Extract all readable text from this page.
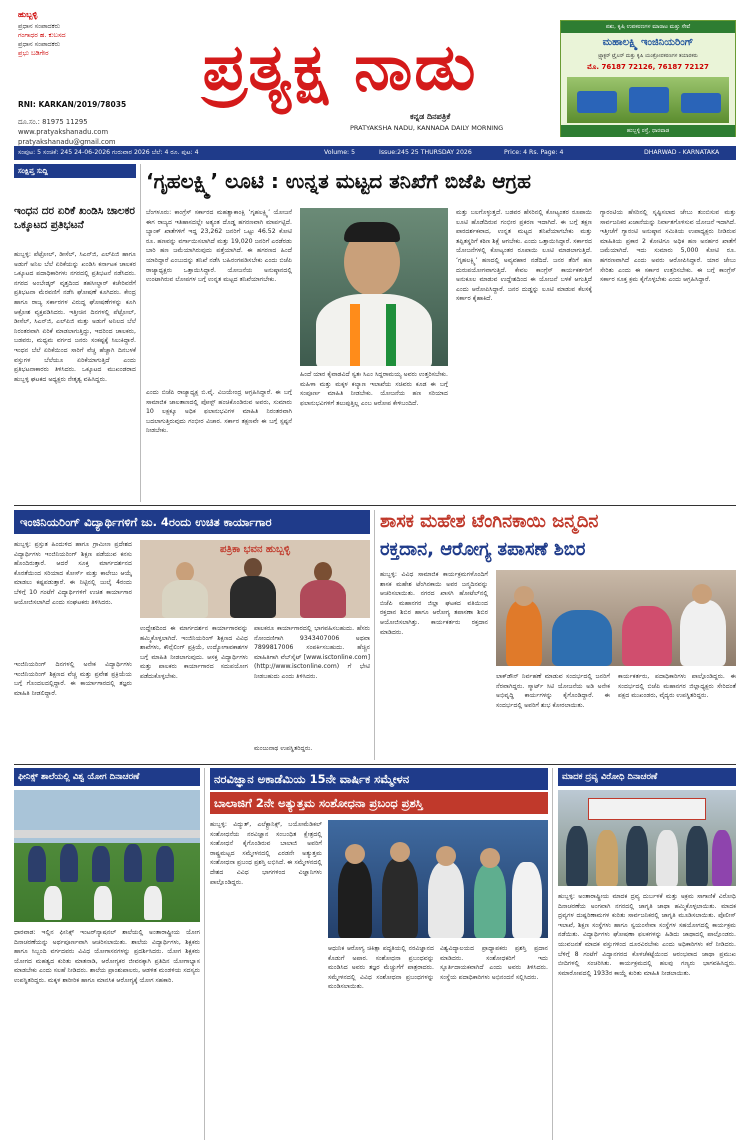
ಹುಬ್ಬಳ್ಳಿ
ಪ್ರಧಾನ ಸಂಪಾದಕರು
ಗಂಗಾಧರ ಹ. ಕುಬಸದ
ಪ್ರಧಾನ ಸಂಪಾದಕರು
ಪ್ರಭು ಬಡಿಗೇರ
RNI: KARKAN/2019/78035
ದೂ.ಸಂ.: 81975 11295
www.pratyakshanadu.com
pratyakshanadu@gmail.com
ಪ್ರತ್ಯಕ್ಷ ನಾಡು
ಕನ್ನಡ ದಿನಪತ್ರಿಕೆ
PRATYAKSHA NADU, KANNADA DAILY MORNING
ಪಶು, ಕೃಷಿ ಉಪಕರಣಗಳ ಮಾರಾಟ ಮತ್ತು ಸೇವೆ
ಮಹಾಲಕ್ಷ್ಮಿ ಇಂಜಿನಿಯರಿಂಗ್
ಟ್ರ್ಯಾಕ್ಟರ್ ಟ್ರೈಲರ್ ಮತ್ತು ಕೃಷಿ ಯಂತ್ರೋಪಕರಣಗಳ ತಯಾರಕರು
ಮೊ. 76187 72126, 76187 72127
ಹುಬ್ಬಳ್ಳಿ ರಸ್ತೆ, ಧಾರವಾಡ
ಸಂಪುಟ: 5 ಸಂಚಿಕೆ: 245 24-06-2026 ಗುರುವಾರ 2026 ಬೆಲೆ: 4 ರೂ. ಪುಟ: 4	Volume: 5	Issue:245 25 THURSDAY 2026	Price: 4 Rs. Page: 4	DHARWAD - KARNATAKA
ಸಂಕ್ಷಿಪ್ತ ಸುದ್ದಿ
ಇಂಧನ ದರ ಏರಿಕೆ ಖಂಡಿಸಿ ಚಾಲಕರ ಒಕ್ಕೂಟದ ಪ್ರತಿಭಟನೆ
ಹುಬ್ಬಳ್ಳಿ: ಪೆಟ್ರೋಲ್, ಡೀಸೆಲ್, ಸಿಎನ್‌ಜಿ, ಎಲ್‌ಪಿಜಿ ಹಾಗೂ ಅಡುಗೆ ಅನಿಲ ಬೆಲೆ ಏರಿಕೆಯನ್ನು ಖಂಡಿಸಿ ಕರ್ನಾಟಕ ಚಾಲಕರ ಒಕ್ಕೂಟದ ಪದಾಧಿಕಾರಿಗಳು ನಗರದಲ್ಲಿ ಪ್ರತಿಭಟನೆ ನಡೆಸಿದರು. ನಗರದ ಅಂಬೇಡ್ಕರ್ ವೃತ್ತದಿಂದ ತಹಸೀಲ್ದಾರ್ ಕಚೇರಿವರೆಗೆ ಪ್ರತಿಭಟನಾ ಮೆರವಣಿಗೆ ನಡೆಸಿ ಘೋಷಣೆ ಕೂಗಿದರು. ಕೇಂದ್ರ ಹಾಗೂ ರಾಜ್ಯ ಸರ್ಕಾರಗಳ ವಿರುದ್ಧ ಘೋಷಣೆಗಳನ್ನು ಕೂಗಿ ಆಕ್ರೋಶ ವ್ಯಕ್ತಪಡಿಸಿದರು. ಇತ್ತೀಚಿನ ದಿನಗಳಲ್ಲಿ ಪೆಟ್ರೋಲ್, ಡೀಸೆಲ್, ಸಿಎನ್‌ಜಿ, ಎಲ್‌ಪಿಜಿ ಮತ್ತು ಅಡುಗೆ ಅನಿಲದ ಬೆಲೆ ನಿರಂತರವಾಗಿ ಏರಿಕೆ ಮಾಡಲಾಗುತ್ತಿದ್ದು, ಇದರಿಂದ ಚಾಲಕರು, ಬಡವರು, ಮಧ್ಯಮ ವರ್ಗದ ಜನರು ಸಂಕಷ್ಟಕ್ಕೆ ಸಿಲುಕಿದ್ದಾರೆ. ಇಂಧನ ಬೆಲೆ ಏರಿಕೆಯಿಂದ ಸಾರಿಗೆ ವೆಚ್ಚ ಹೆಚ್ಚಾಗಿ ದಿನಬಳಕೆ ವಸ್ತುಗಳ ಬೆಲೆಯೂ ಏರಿಕೆಯಾಗುತ್ತಿದೆ ಎಂದು ಪ್ರತಿಭಟನಾಕಾರರು ತಿಳಿಸಿದರು. ಒಕ್ಕೂಟದ ಮುಖಂಡರಾದ ಹುಬ್ಬಳ್ಳಿ ಘಟಕದ ಅಧ್ಯಕ್ಷರು ನೇತೃತ್ವ ವಹಿಸಿದ್ದರು.
‘ಗೃಹಲಕ್ಷ್ಮಿ’ ಲೂಟಿ : ಉನ್ನತ ಮಟ್ಟದ ತನಿಖೆಗೆ ಬಿಜೆಪಿ ಆಗ್ರಹ
ಬೆಂಗಳೂರು: ಕಾಂಗ್ರೆಸ್ ಸರ್ಕಾರದ ಮಹತ್ವಾಕಾಂಕ್ಷಿ ‘ಗೃಹಲಕ್ಷ್ಮಿ’ ಯೋಜನೆ ಈಗ ರಾಜ್ಯದ ಇತಿಹಾಸದಲ್ಲೇ ಅತ್ಯಂತ ದೊಡ್ಡ ಹಗರಣವಾಗಿ ಮಾರ್ಪಟ್ಟಿದೆ. ಬ್ಯಾಂಕ್ ಖಾತೆಗಳಿಗೆ ಇದ್ದ 23,262 ಜನರಿಗೆ ಒಟ್ಟು 46.52 ಕೋಟಿ ರೂ. ಹಣವನ್ನು ವರ್ಗಾಯಿಸಲಾಗಿದೆ ಮತ್ತು 19,020 ಜನರಿಗೆ ಎರಡೆರಡು ಬಾರಿ ಹಣ ಜಮೆಯಾಗಿರುವುದು ಪತ್ತೆಯಾಗಿದೆ. ಈ ಹಗರಣದ ಹಿಂದೆ ಯಾರಿದ್ದಾರೆ ಎಂಬುದನ್ನು ತನಿಖೆ ನಡೆಸಿ ಬಹಿರಂಗಪಡಿಸಬೇಕು ಎಂದು ಬಿಜೆಪಿ ರಾಜ್ಯಾಧ್ಯಕ್ಷರು ಒತ್ತಾಯಿಸಿದ್ದಾರೆ. ಯೋಜನೆಯ ಅನುಷ್ಠಾನದಲ್ಲಿ ಉಂಟಾಗಿರುವ ಲೋಪಗಳ ಬಗ್ಗೆ ಉನ್ನತ ಮಟ್ಟದ ತನಿಖೆಯಾಗಬೇಕು.
ಎಂದು ಬಿಜೆಪಿ ರಾಜ್ಯಾಧ್ಯಕ್ಷ ಬಿ.ವೈ. ವಿಜಯೇಂದ್ರ ಆಗ್ರಹಿಸಿದ್ದಾರೆ. ಈ ಬಗ್ಗೆ ಸಾಮಾಜಿಕ ಜಾಲತಾಣದಲ್ಲಿ ಪೋಸ್ಟ್ ಹಂಚಿಕೊಂಡಿರುವ ಅವರು, ಸುಮಾರು 10 ಲಕ್ಷಕ್ಕೂ ಅಧಿಕ ಫಲಾನುಭವಿಗಳ ಮಾಹಿತಿ ನಿರಂತರವಾಗಿ ಬದಲಾಗುತ್ತಿರುವುದು ಗಂಭೀರ ವಿಚಾರ. ಸರ್ಕಾರ ತಕ್ಷಣವೇ ಈ ಬಗ್ಗೆ ಸ್ಪಷ್ಟನೆ ನೀಡಬೇಕು.
ಹಿಂದೆ ಯಾರ ಕೈವಾಡವಿದೆ ಸ್ವತಃ ಸಿಎಂ ಸಿದ್ದರಾಮಯ್ಯ ಅವರು ಉತ್ತರಿಸಬೇಕು. ಮಹಿಳಾ ಮತ್ತು ಮಕ್ಕಳ ಕಲ್ಯಾಣ ಇಲಾಖೆಯ ಸಚಿವರು ಕೂಡ ಈ ಬಗ್ಗೆ ಸಂಪೂರ್ಣ ಮಾಹಿತಿ ನೀಡಬೇಕು. ಯೋಜನೆಯ ಹಣ ಸರಿಯಾದ ಫಲಾನುಭವಿಗಳಿಗೆ ತಲುಪುತ್ತಿಲ್ಲ ಎಂಬ ಆರೋಪ ಕೇಳಿಬಂದಿದೆ.
ಮತ್ತು ಬಲಗೊಳ್ಳುತ್ತದೆ. ಬಡವರ ಹೆಸರಿನಲ್ಲಿ ಕೋಟ್ಯಂತರ ರೂಪಾಯಿ ಲೂಟಿ ಹೊಡೆದಿರುವ ಗಂಭೀರ ಪ್ರಕರಣ ಇದಾಗಿದೆ. ಈ ಬಗ್ಗೆ ತಕ್ಷಣ ಪಾರದರ್ಶಕವಾದ, ಉನ್ನತ ಮಟ್ಟದ ತನಿಖೆಯಾಗಬೇಕು ಮತ್ತು ತಪ್ಪಿತಸ್ಥರಿಗೆ ಕಠಿಣ ಶಿಕ್ಷೆ ಆಗಬೇಕು. ಎಂದು ಒತ್ತಾಯಿಸಿದ್ದಾರೆ. ಸರ್ಕಾರದ ಯೋಜನೆಗಳಲ್ಲಿ ಕೋಟ್ಯಂತರ ರೂಪಾಯಿ ಲೂಟಿ ಮಾಡಲಾಗುತ್ತಿದೆ. ‘ಗೃಹಲಕ್ಷ್ಮಿ’ ಹಣದಲ್ಲಿ ಅವ್ಯವಹಾರ ನಡೆದಿದೆ. ಜನರ ತೆರಿಗೆ ಹಣ ದುರುಪಯೋಗವಾಗುತ್ತಿದೆ. ಕೇವಲ ಕಾಂಗ್ರೆಸ್ ಕಾರ್ಯಕರ್ತರಿಗೆ ಅನುಕೂಲ ಮಾಡುವ ಉದ್ದೇಶದಿಂದ ಈ ಯೋಜನೆ ಬಳಕೆ ಆಗುತ್ತಿದೆ ಎಂದು ಆರೋಪಿಸಿದ್ದಾರೆ. ಜನರ ದುಡ್ಡನ್ನು ಲೂಟಿ ಮಾಡುವ ಕೆಲಸಕ್ಕೆ ಸರ್ಕಾರ ಕೈಹಾಕಿದೆ.
ಗ್ಯಾರಂಟಿಯ ಹೆಸರಿನಲ್ಲಿ ಸೃಷ್ಟಿಸಲಾದ ಜೇಬು ತುಂಬಿಸುವ ಮತ್ತು ಸಾರ್ವಜನಿಕರ ಖಜಾನೆಯನ್ನು ನಿರ್ವಾತಗೊಳಿಸುವ ಯೋಜನೆ ಇದಾಗಿದೆ. ಇತ್ತೀಚೆಗೆ ಗ್ಯಾರಂಟಿ ಅನುಷ್ಠಾನ ಸಮಿತಿಯ ಉಪಾಧ್ಯಕ್ಷರು ನೀಡಿರುವ ಮಾಹಿತಿಯ ಪ್ರಕಾರ 2 ಕೋಟಿಗೂ ಅಧಿಕ ಹಣ ಅನರ್ಹರ ಖಾತೆಗೆ ಜಮೆಯಾಗಿದೆ. ಇದು ಸುಮಾರು 5,000 ಕೋಟಿ ರೂ. ಹಗರಣವಾಗಿದೆ ಎಂದು ಅವರು ಆರೋಪಿಸಿದ್ದಾರೆ. ಯಾರ ಜೇಬು ಸೇರಿತು ಎಂದು ಈ ಸರ್ಕಾರ ಉತ್ತರಿಸಬೇಕು. ಈ ಬಗ್ಗೆ ಕಾಂಗ್ರೆಸ್ ಸರ್ಕಾರ ಸೂಕ್ತ ಕ್ರಮ ಕೈಗೊಳ್ಳಬೇಕು ಎಂದು ಆಗ್ರಹಿಸಿದ್ದಾರೆ.
ಇಂಜಿನಿಯರಿಂಗ್ ವಿದ್ಯಾರ್ಥಿಗಳಿಗೆ ಜು. 4ರಂದು ಉಚಿತ ಕಾರ್ಯಾಗಾರ
ಹುಬ್ಬಳ್ಳಿ: ಪ್ರಸ್ತುತ ಹಿಂದುಳಿದ ಹಾಗೂ ಗ್ರಾಮೀಣ ಪ್ರದೇಶದ ವಿದ್ಯಾರ್ಥಿಗಳು ಇಂಜಿನಿಯರಿಂಗ್ ಶಿಕ್ಷಣ ಪಡೆಯುವ ಕನಸು ಹೊಂದಿರುತ್ತಾರೆ. ಆದರೆ ಸೂಕ್ತ ಮಾರ್ಗದರ್ಶನದ ಕೊರತೆಯಿಂದ ಸರಿಯಾದ ಕೋರ್ಸ್ ಮತ್ತು ಕಾಲೇಜು ಆಯ್ಕೆ ಮಾಡಲು ಕಷ್ಟಪಡುತ್ತಾರೆ. ಈ ನಿಟ್ಟಿನಲ್ಲಿ ಜುಲೈ 4ರಂದು ಬೆಳಿಗ್ಗೆ 10 ಗಂಟೆಗೆ ವಿದ್ಯಾರ್ಥಿಗಳಿಗೆ ಉಚಿತ ಕಾರ್ಯಾಗಾರ ಆಯೋಜಿಸಲಾಗಿದೆ ಎಂದು ಸಂಘಟಕರು ತಿಳಿಸಿದರು.
ಇಂಜಿನಿಯರಿಂಗ್ ದಿನಗಳಲ್ಲಿ ಅನೇಕ ವಿದ್ಯಾರ್ಥಿಗಳು ಇಂಜಿನಿಯರಿಂಗ್ ಶಿಕ್ಷಣದ ವೆಚ್ಚ ಮತ್ತು ಪ್ರವೇಶ ಪ್ರಕ್ರಿಯೆಯ ಬಗ್ಗೆ ಗೊಂದಲದಲ್ಲಿದ್ದಾರೆ. ಈ ಕಾರ್ಯಾಗಾರದಲ್ಲಿ ತಜ್ಞರು ಮಾಹಿತಿ ನೀಡಲಿದ್ದಾರೆ.
ಪತ್ರಿಕಾ ಭವನ ಹುಬ್ಬಳ್ಳಿ
ಉದ್ದೇಶದಿಂದ ಈ ಮಾರ್ಗದರ್ಶನ ಕಾರ್ಯಾಗಾರವನ್ನು ಹಮ್ಮಿಕೊಳ್ಳಲಾಗಿದೆ. ಇಂಜಿನಿಯರಿಂಗ್ ಶಿಕ್ಷಣದ ವಿವಿಧ ಶಾಖೆಗಳು, ಕೌನ್ಸೆಲಿಂಗ್ ಪ್ರಕ್ರಿಯೆ, ಉದ್ಯೋಗಾವಕಾಶಗಳ ಬಗ್ಗೆ ಮಾಹಿತಿ ನೀಡಲಾಗುವುದು. ಆಸಕ್ತ ವಿದ್ಯಾರ್ಥಿಗಳು ಮತ್ತು ಪಾಲಕರು ಕಾರ್ಯಾಗಾರದ ಸದುಪಯೋಗ ಪಡೆದುಕೊಳ್ಳಬೇಕು.
ಪಾಲಕರೂ ಕಾರ್ಯಾಗಾರದಲ್ಲಿ ಭಾಗವಹಿಸಬಹುದು. ಹೆಸರು ನೋಂದಣಿಗಾಗಿ 9343407006 ಅಥವಾ 7899817006 ಸಂಪರ್ಕಿಸಬಹುದು. ಹೆಚ್ಚಿನ ಮಾಹಿತಿಗಾಗಿ ವೆಬ್‌ಸೈಟ್ [www.isctonline.com](http://www.isctonline.com) ಗೆ ಭೇಟಿ ನೀಡಬಹುದು ಎಂದು ತಿಳಿಸಿದರು.
ಮಂಜುನಾಥ ಉಪಸ್ಥಿತರಿದ್ದರು.
ಶಾಸಕ ಮಹೇಶ ಟೆಂಗಿನಕಾಯಿ ಜನ್ಮದಿನ
ರಕ್ತದಾನ, ಆರೋಗ್ಯ ತಪಾಸಣೆ ಶಿಬಿರ
ಹುಬ್ಬಳ್ಳಿ: ವಿವಿಧ ಸಾಮಾಜಿಕ ಕಾರ್ಯಕ್ರಮಗಳೊಂದಿಗೆ ಶಾಸಕ ಮಹೇಶ ಟೆಂಗಿನಕಾಯಿ ಅವರ ಜನ್ಮದಿನವನ್ನು ಆಚರಿಸಲಾಯಿತು. ನಗರದ ಖಾಸಗಿ ಹೋಟೆಲ್‌ನಲ್ಲಿ ಬಿಜೆಪಿ ಮಹಾನಗರ ಜಿಲ್ಲಾ ಘಟಕದ ವತಿಯಿಂದ ರಕ್ತದಾನ ಶಿಬಿರ ಹಾಗೂ ಆರೋಗ್ಯ ತಪಾಸಣಾ ಶಿಬಿರ ಆಯೋಜಿಸಲಾಗಿತ್ತು. ಕಾರ್ಯಕರ್ತರು ರಕ್ತದಾನ ಮಾಡಿದರು.
ಲಾಕ್‌ಡೌನ್ ನಿರ್ವಹಣೆ ಮಾಡುವ ಸಂದರ್ಭದಲ್ಲಿ ಜನರಿಗೆ ನೆರವಾಗಿದ್ದರು. ಸ್ಮಾರ್ಟ್ ಸಿಟಿ ಯೋಜನೆಯ ಅಡಿ ಅನೇಕ ಅಭಿವೃದ್ಧಿ ಕಾರ್ಯಗಳನ್ನು ಕೈಗೊಂಡಿದ್ದಾರೆ. ಈ ಸಂದರ್ಭದಲ್ಲಿ ಅವರಿಗೆ ಶುಭ ಕೋರಲಾಯಿತು.
ಕಾರ್ಯಕರ್ತರು, ಪದಾಧಿಕಾರಿಗಳು ಪಾಲ್ಗೊಂಡಿದ್ದರು. ಈ ಸಂದರ್ಭದಲ್ಲಿ ಬಿಜೆಪಿ ಮಹಾನಗರ ಜಿಲ್ಲಾಧ್ಯಕ್ಷರು ಸೇರಿದಂತೆ ಪಕ್ಷದ ಮುಖಂಡರು, ವೈದ್ಯರು ಉಪಸ್ಥಿತರಿದ್ದರು.
ಫೀನಿಕ್ಸ್ ಶಾಲೆಯಲ್ಲಿ ವಿಶ್ವ ಯೋಗ ದಿನಾಚರಣೆ
ಧಾರವಾಡ: ಇಲ್ಲಿನ ಫೀನಿಕ್ಸ್ ಇಂಟರ್‌ನ್ಯಾಷನಲ್ ಶಾಲೆಯಲ್ಲಿ ಅಂತಾರಾಷ್ಟ್ರೀಯ ಯೋಗ ದಿನಾಚರಣೆಯನ್ನು ಅರ್ಥಪೂರ್ಣವಾಗಿ ಆಚರಿಸಲಾಯಿತು. ಶಾಲೆಯ ವಿದ್ಯಾರ್ಥಿಗಳು, ಶಿಕ್ಷಕರು ಹಾಗೂ ಸಿಬ್ಬಂದಿ ವರ್ಗದವರು ವಿವಿಧ ಯೋಗಾಸನಗಳನ್ನು ಪ್ರದರ್ಶಿಸಿದರು. ಯೋಗ ಶಿಕ್ಷಕರು ಯೋಗದ ಮಹತ್ವದ ಕುರಿತು ಮಾತನಾಡಿ, ಆರೋಗ್ಯಕರ ಜೀವನಕ್ಕಾಗಿ ಪ್ರತಿದಿನ ಯೋಗಾಭ್ಯಾಸ ಮಾಡಬೇಕು ಎಂದು ಸಲಹೆ ನೀಡಿದರು. ಶಾಲೆಯ ಪ್ರಾಂಶುಪಾಲರು, ಆಡಳಿತ ಮಂಡಳಿಯ ಸದಸ್ಯರು ಉಪಸ್ಥಿತರಿದ್ದರು. ಮಕ್ಕಳ ಶಾರೀರಿಕ ಹಾಗೂ ಮಾನಸಿಕ ಆರೋಗ್ಯಕ್ಕೆ ಯೋಗ ಸಹಕಾರಿ.
ನರವಿಜ್ಞಾನ ಅಕಾಡೆಮಿಯ 15ನೇ ವಾರ್ಷಿಕ ಸಮ್ಮೇಳನ
ಬಾಲಾಜಿಗೆ 2ನೇ ಅತ್ಯುತ್ತಮ ಸಂಶೋಧನಾ ಪ್ರಬಂಧ ಪ್ರಶಸ್ತಿ
ಹುಬ್ಬಳ್ಳಿ: ವಿದ್ಯುತ್, ಎಲೆಕ್ಟ್ರಾನಿಕ್ಸ್, ಬಯೋಮೆಡಿಕಲ್ ಸಂಶೋಧನೆಯ ನರವಿಜ್ಞಾನ ಸಂಬಂಧಿತ ಕ್ಷೇತ್ರದಲ್ಲಿ ಸಂಶೋಧನೆ ಕೈಗೊಂಡಿರುವ ಬಾಲಾಜಿ ಅವರಿಗೆ ರಾಷ್ಟ್ರಮಟ್ಟದ ಸಮ್ಮೇಳನದಲ್ಲಿ ಎರಡನೇ ಅತ್ಯುತ್ತಮ ಸಂಶೋಧನಾ ಪ್ರಬಂಧ ಪ್ರಶಸ್ತಿ ಲಭಿಸಿದೆ. ಈ ಸಮ್ಮೇಳನದಲ್ಲಿ ದೇಶದ ವಿವಿಧ ಭಾಗಗಳಿಂದ ವಿಜ್ಞಾನಿಗಳು ಪಾಲ್ಗೊಂಡಿದ್ದರು.
ಆಧುನಿಕ ಆರೋಗ್ಯ ಚಿಕಿತ್ಸಾ ಪದ್ಧತಿಯಲ್ಲಿ ನರವಿಜ್ಞಾನದ ಕೊಡುಗೆ ಅಪಾರ. ಸಂಶೋಧನಾ ಪ್ರಬಂಧವನ್ನು ಮಂಡಿಸಿದ ಅವರು ತಜ್ಞರ ಮೆಚ್ಚುಗೆಗೆ ಪಾತ್ರರಾದರು. ಸಮ್ಮೇಳನದಲ್ಲಿ ವಿವಿಧ ಸಂಶೋಧನಾ ಪ್ರಬಂಧಗಳನ್ನು ಮಂಡಿಸಲಾಯಿತು.
ವಿಶ್ವವಿದ್ಯಾಲಯದ ಪ್ರಾಧ್ಯಾಪಕರು ಪ್ರಶಸ್ತಿ ಪ್ರದಾನ ಮಾಡಿದರು. ಸಂಶೋಧಕರಿಗೆ ಇದು ಸ್ಫೂರ್ತಿದಾಯಕವಾಗಿದೆ ಎಂದು ಅವರು ತಿಳಿಸಿದರು. ಸಂಸ್ಥೆಯ ಪದಾಧಿಕಾರಿಗಳು ಅಭಿನಂದನೆ ಸಲ್ಲಿಸಿದರು.
ಮಾದಕ ದ್ರವ್ಯ ವಿರೋಧಿ ದಿನಾಚರಣೆ
ಹುಬ್ಬಳ್ಳಿ: ಅಂತಾರಾಷ್ಟ್ರೀಯ ಮಾದಕ ದ್ರವ್ಯ ದುರ್ಬಳಕೆ ಮತ್ತು ಅಕ್ರಮ ಸಾಗಾಣಿಕೆ ವಿರೋಧಿ ದಿನಾಚರಣೆಯ ಅಂಗವಾಗಿ ನಗರದಲ್ಲಿ ಜಾಗೃತಿ ಜಾಥಾ ಹಮ್ಮಿಕೊಳ್ಳಲಾಯಿತು. ಮಾದಕ ದ್ರವ್ಯಗಳ ದುಷ್ಪರಿಣಾಮಗಳ ಕುರಿತು ಸಾರ್ವಜನಿಕರಲ್ಲಿ ಜಾಗೃತಿ ಮೂಡಿಸಲಾಯಿತು. ಪೊಲೀಸ್ ಇಲಾಖೆ, ಶಿಕ್ಷಣ ಸಂಸ್ಥೆಗಳು ಹಾಗೂ ಸ್ವಯಂಸೇವಾ ಸಂಸ್ಥೆಗಳ ಸಹಯೋಗದಲ್ಲಿ ಕಾರ್ಯಕ್ರಮ ನಡೆಯಿತು. ವಿದ್ಯಾರ್ಥಿಗಳು ಘೋಷಣಾ ಫಲಕಗಳನ್ನು ಹಿಡಿದು ಜಾಥಾದಲ್ಲಿ ಪಾಲ್ಗೊಂಡರು. ಯುವಜನತೆ ಮಾದಕ ವಸ್ತುಗಳಿಂದ ದೂರವಿರಬೇಕು ಎಂದು ಅಧಿಕಾರಿಗಳು ಕರೆ ನೀಡಿದರು. ಬೆಳಿಗ್ಗೆ 8 ಗಂಟೆಗೆ ವಿದ್ಯಾನಗರದ ಕೊಳಚೆಕಟ್ಟೆಯಿಂದ ಆರಂಭವಾದ ಜಾಥಾ ಪ್ರಮುಖ ಬೀದಿಗಳಲ್ಲಿ ಸಂಚರಿಸಿತು. ಕಾರ್ಯಕ್ರಮದಲ್ಲಿ ಹಲವು ಗಣ್ಯರು ಭಾಗವಹಿಸಿದ್ದರು. ಸಮಾರೋಪದಲ್ಲಿ 1933ರ ಕಾಯ್ದೆ ಕುರಿತು ಮಾಹಿತಿ ನೀಡಲಾಯಿತು.
